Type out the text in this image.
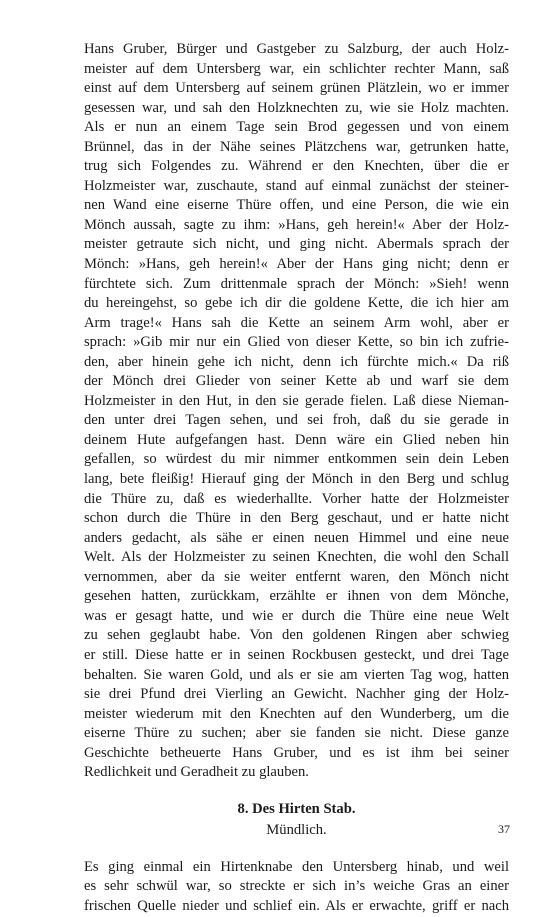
Hans Gruber, Bürger und Gastgeber zu Salzburg, der auch Holz-
meister auf dem Untersberg war, ein schlichter rechter Mann, saß
einst auf dem Untersberg auf seinem grünen Plätzlein, wo er immer
gesessen war, und sah den Holzknechten zu, wie sie Holz machten.
Als er nun an einem Tage sein Brod gegessen und von einem
Brünnel, das in der Nähe seines Plätzchens war, getrunken hatte,
trug sich Folgendes zu. Während er den Knechten, über die er
Holzmeister war, zuschaute, stand auf einmal zunächst der steiner-
nen Wand eine eiserne Thüre offen, und eine Person, die wie ein
Mönch aussah, sagte zu ihm: »Hans, geh herein!« Aber der Holz-
meister getraute sich nicht, und ging nicht. Abermals sprach der
Mönch: »Hans, geh herein!« Aber der Hans ging nicht; denn er
fürchtete sich. Zum drittenmale sprach der Mönch: »Sieh! wenn
du hereingehst, so gebe ich dir die goldene Kette, die ich hier am
Arm trage!« Hans sah die Kette an seinem Arm wohl, aber er
sprach: »Gib mir nur ein Glied von dieser Kette, so bin ich zufrie-
den, aber hinein gehe ich nicht, denn ich fürchte mich.« Da riß
der Mönch drei Glieder von seiner Kette ab und warf sie dem
Holzmeister in den Hut, in den sie gerade fielen. Laß diese Nieman-
den unter drei Tagen sehen, und sei froh, daß du sie gerade in
deinem Hute aufgefangen hast. Denn wäre ein Glied neben hin
gefallen, so würdest du mir nimmer entkommen sein dein Leben
lang, bete fleißig! Hierauf ging der Mönch in den Berg und schlug
die Thüre zu, daß es wiederhallte. Vorher hatte der Holzmeister
schon durch die Thüre in den Berg geschaut, und er hatte nicht
anders gedacht, als sähe er einen neuen Himmel und eine neue
Welt. Als der Holzmeister zu seinen Knechten, die wohl den Schall
vernommen, aber da sie weiter entfernt waren, den Mönch nicht
gesehen hatten, zurückkam, erzählte er ihnen von dem Mönche,
was er gesagt hatte, und wie er durch die Thüre eine neue Welt
zu sehen geglaubt habe. Von den goldenen Ringen aber schwieg
er still. Diese hatte er in seinen Rockbusen gesteckt, und drei Tage
behalten. Sie waren Gold, und als er sie am vierten Tag wog, hatten
sie drei Pfund drei Vierling an Gewicht. Nachher ging der Holz-
meister wiederum mit den Knechten auf den Wunderberg, um die
eiserne Thüre zu suchen; aber sie fanden sie nicht. Diese ganze
Geschichte betheuerte Hans Gruber, und es ist ihm bei seiner
Redlichkeit und Geradheit zu glauben.
8. Des Hirten Stab.
Mündlich.
Es ging einmal ein Hirtenknabe den Untersberg hinab, und weil
es sehr schwül war, so streckte er sich in’s weiche Gras an einer
frischen Quelle nieder und schlief ein. Als er erwachte, griff er nach
37
